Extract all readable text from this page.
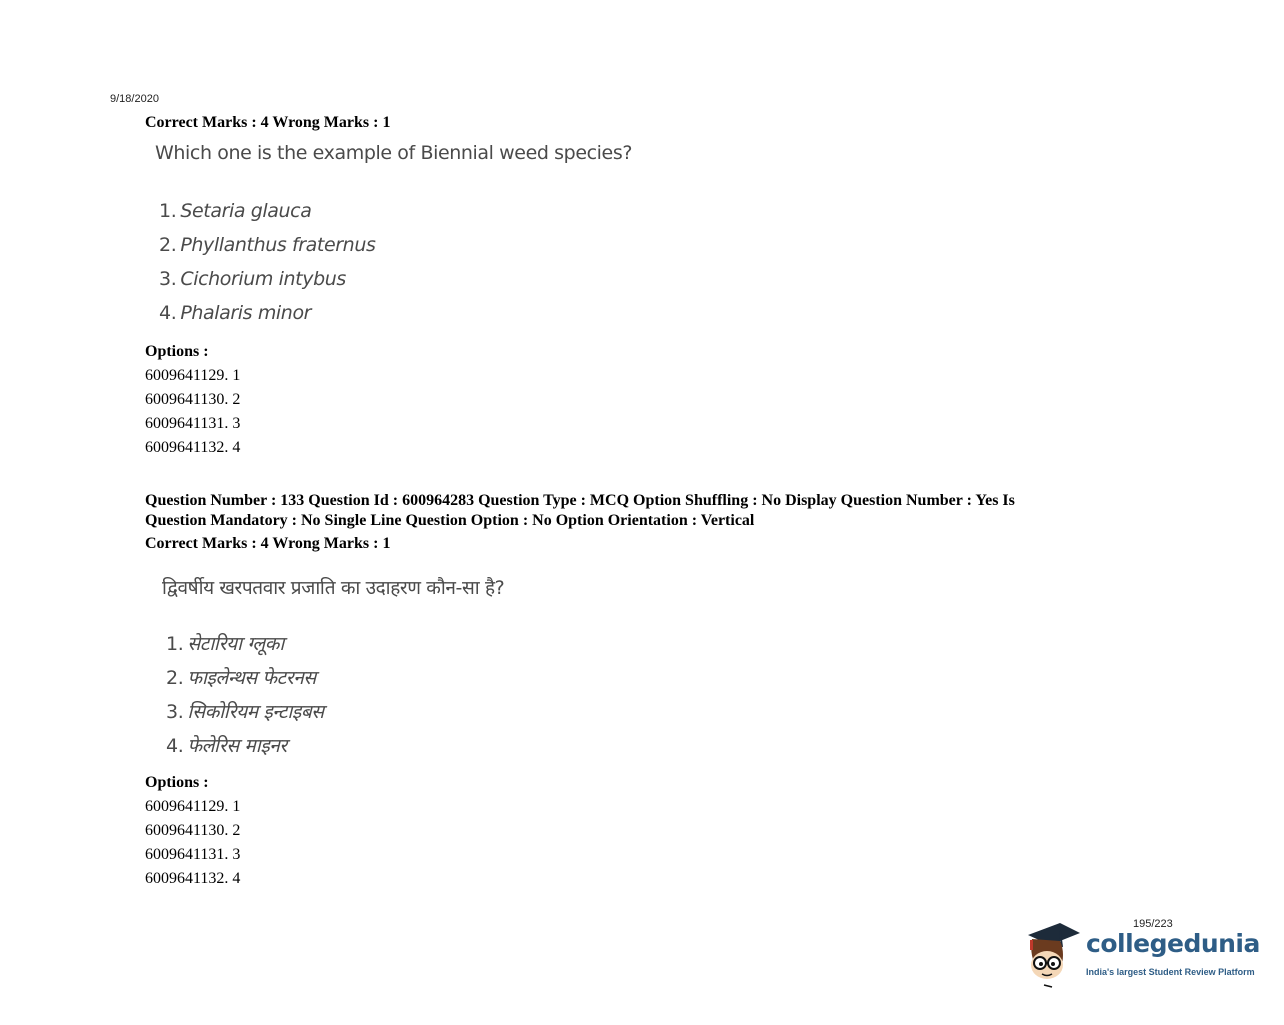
9/18/2020
Correct Marks : 4 Wrong Marks : 1
Which one is the example of Biennial weed species?
1. Setaria glauca
2. Phyllanthus fraternus
3. Cichorium intybus
4. Phalaris minor
Options :
6009641129. 1
6009641130. 2
6009641131. 3
6009641132. 4
Question Number : 133 Question Id : 600964283 Question Type : MCQ Option Shuffling : No Display Question Number : Yes Is
Question Mandatory : No Single Line Question Option : No Option Orientation : Vertical
Correct Marks : 4 Wrong Marks : 1
द्विवर्षीय खरपतवार प्रजाति का उदाहरण कौन-सा है?
1. सेटारिया ग्लूका
2. फाइलेन्थस फेटरनस
3. सिकोरियम इन्टाइबस
4. फेलेरिस माइनर
Options :
6009641129. 1
6009641130. 2
6009641131. 3
6009641132. 4
195/223
collegedunia
India's largest Student Review Platform
